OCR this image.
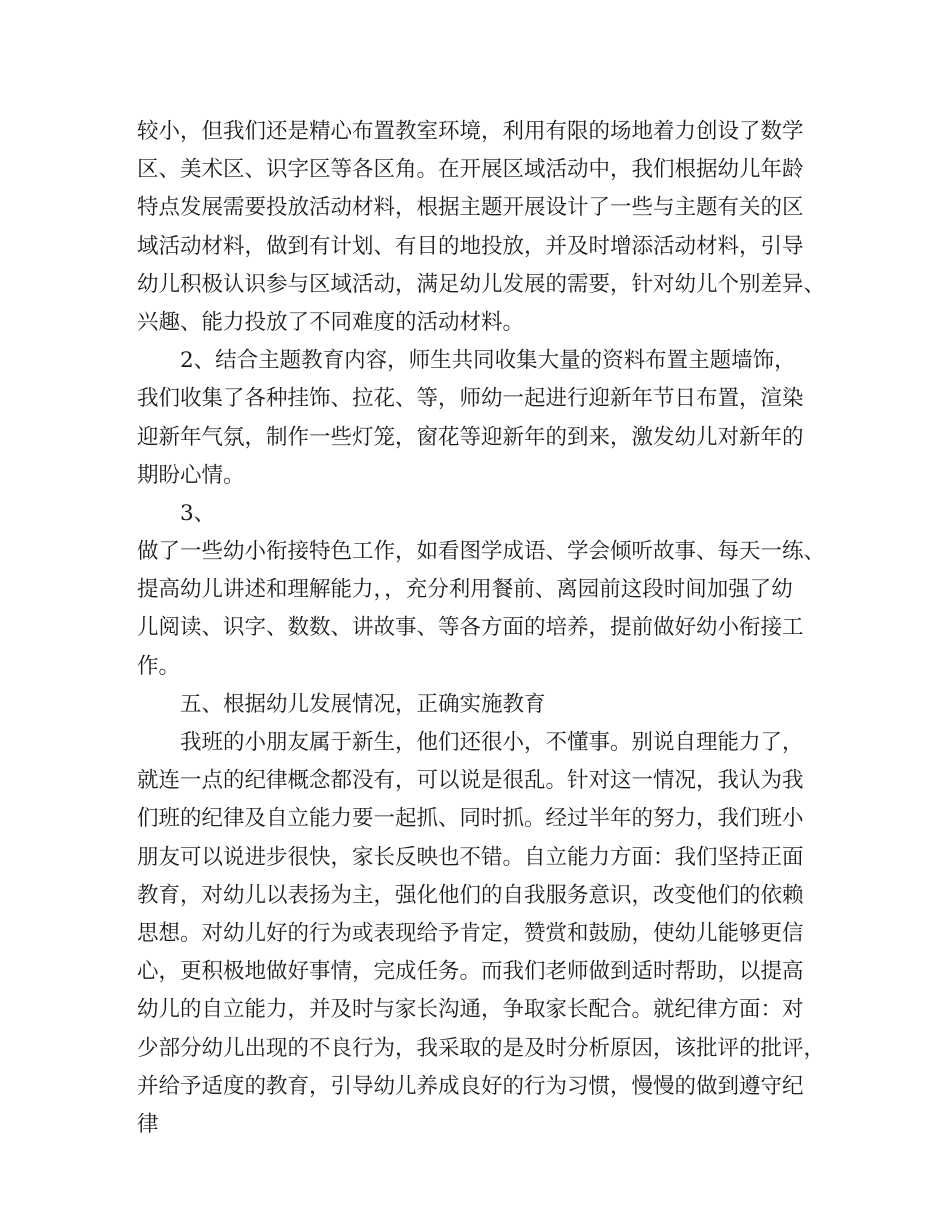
较小，但我们还是精心布置教室环境，利用有限的场地着力创设了数学
区、美术区、识字区等各区角。在开展区域活动中，我们根据幼儿年龄
特点发展需要投放活动材料，根据主题开展设计了一些与主题有关的区
域活动材料，做到有计划、有目的地投放，并及时增添活动材料，引导
幼儿积极认识参与区域活动，满足幼儿发展的需要，针对幼儿个别差异、
兴趣、能力投放了不同难度的活动材料。
2、结合主题教育内容，师生共同收集大量的资料布置主题墙饰，
我们收集了各种挂饰、拉花、等，师幼一起进行迎新年节日布置，渲染
迎新年气氛，制作一些灯笼，窗花等迎新年的到来，激发幼儿对新年的
期盼心情。
3、
做了一些幼小衔接特色工作，如看图学成语、学会倾听故事、每天一练、
提高幼儿讲述和理解能力，，充分利用餐前、离园前这段时间加强了幼
儿阅读、识字、数数、讲故事、等各方面的培养，提前做好幼小衔接工
作。
五、根据幼儿发展情况，正确实施教育
我班的小朋友属于新生，他们还很小，不懂事。别说自理能力了，
就连一点的纪律概念都没有，可以说是很乱。针对这一情况，我认为我
们班的纪律及自立能力要一起抓、同时抓。经过半年的努力，我们班小
朋友可以说进步很快，家长反映也不错。自立能力方面：我们坚持正面
教育，对幼儿以表扬为主，强化他们的自我服务意识，改变他们的依赖
思想。对幼儿好的行为或表现给予肯定，赞赏和鼓励，使幼儿能够更信
心，更积极地做好事情，完成任务。而我们老师做到适时帮助，以提高
幼儿的自立能力，并及时与家长沟通，争取家长配合。就纪律方面：对
少部分幼儿出现的不良行为，我采取的是及时分析原因，该批评的批评，
并给予适度的教育，引导幼儿养成良好的行为习惯，慢慢的做到遵守纪
律
